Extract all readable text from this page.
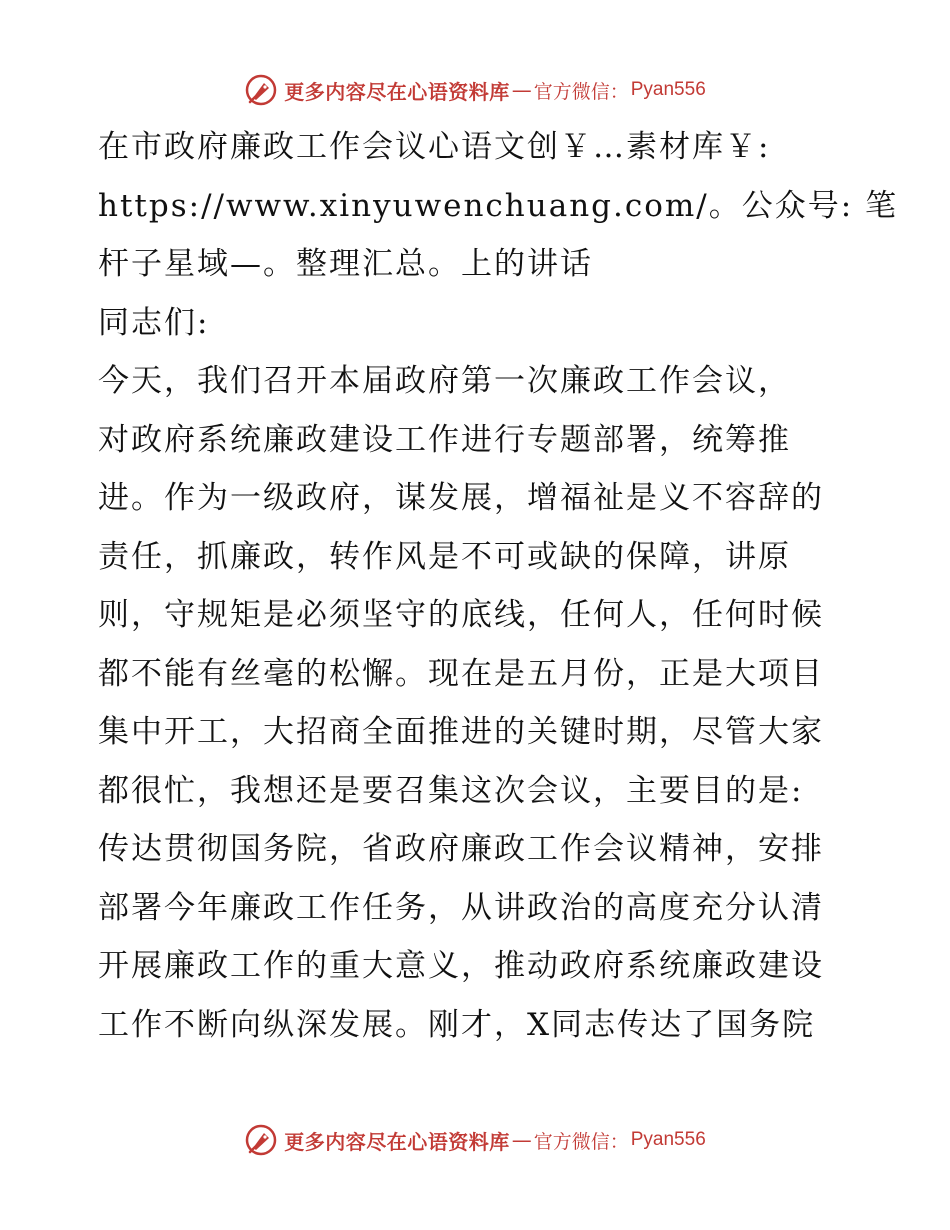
更多内容尽在心语资料库 — 官方微信： Pyan556
在市政府廉政工作会议心语文创￥…素材库￥:
https://www.xinyuwenchuang.com/。公众号: 笔
杆子星域—。整理汇总。上的讲话
同志们:
今天，我们召开本届政府第一次廉政工作会议，
对政府系统廉政建设工作进行专题部署，统筹推
进。作为一级政府，谋发展，增福祉是义不容辞的
责任，抓廉政，转作风是不可或缺的保障，讲原
则，守规矩是必须坚守的底线，任何人，任何时候
都不能有丝毫的松懈。现在是五月份，正是大项目
集中开工，大招商全面推进的关键时期，尽管大家
都很忙，我想还是要召集这次会议，主要目的是:
传达贯彻国务院，省政府廉政工作会议精神，安排
部署今年廉政工作任务，从讲政治的高度充分认清
开展廉政工作的重大意义，推动政府系统廉政建设
工作不断向纵深发展。刚才，X同志传达了国务院
更多内容尽在心语资料库 — 官方微信： Pyan556
